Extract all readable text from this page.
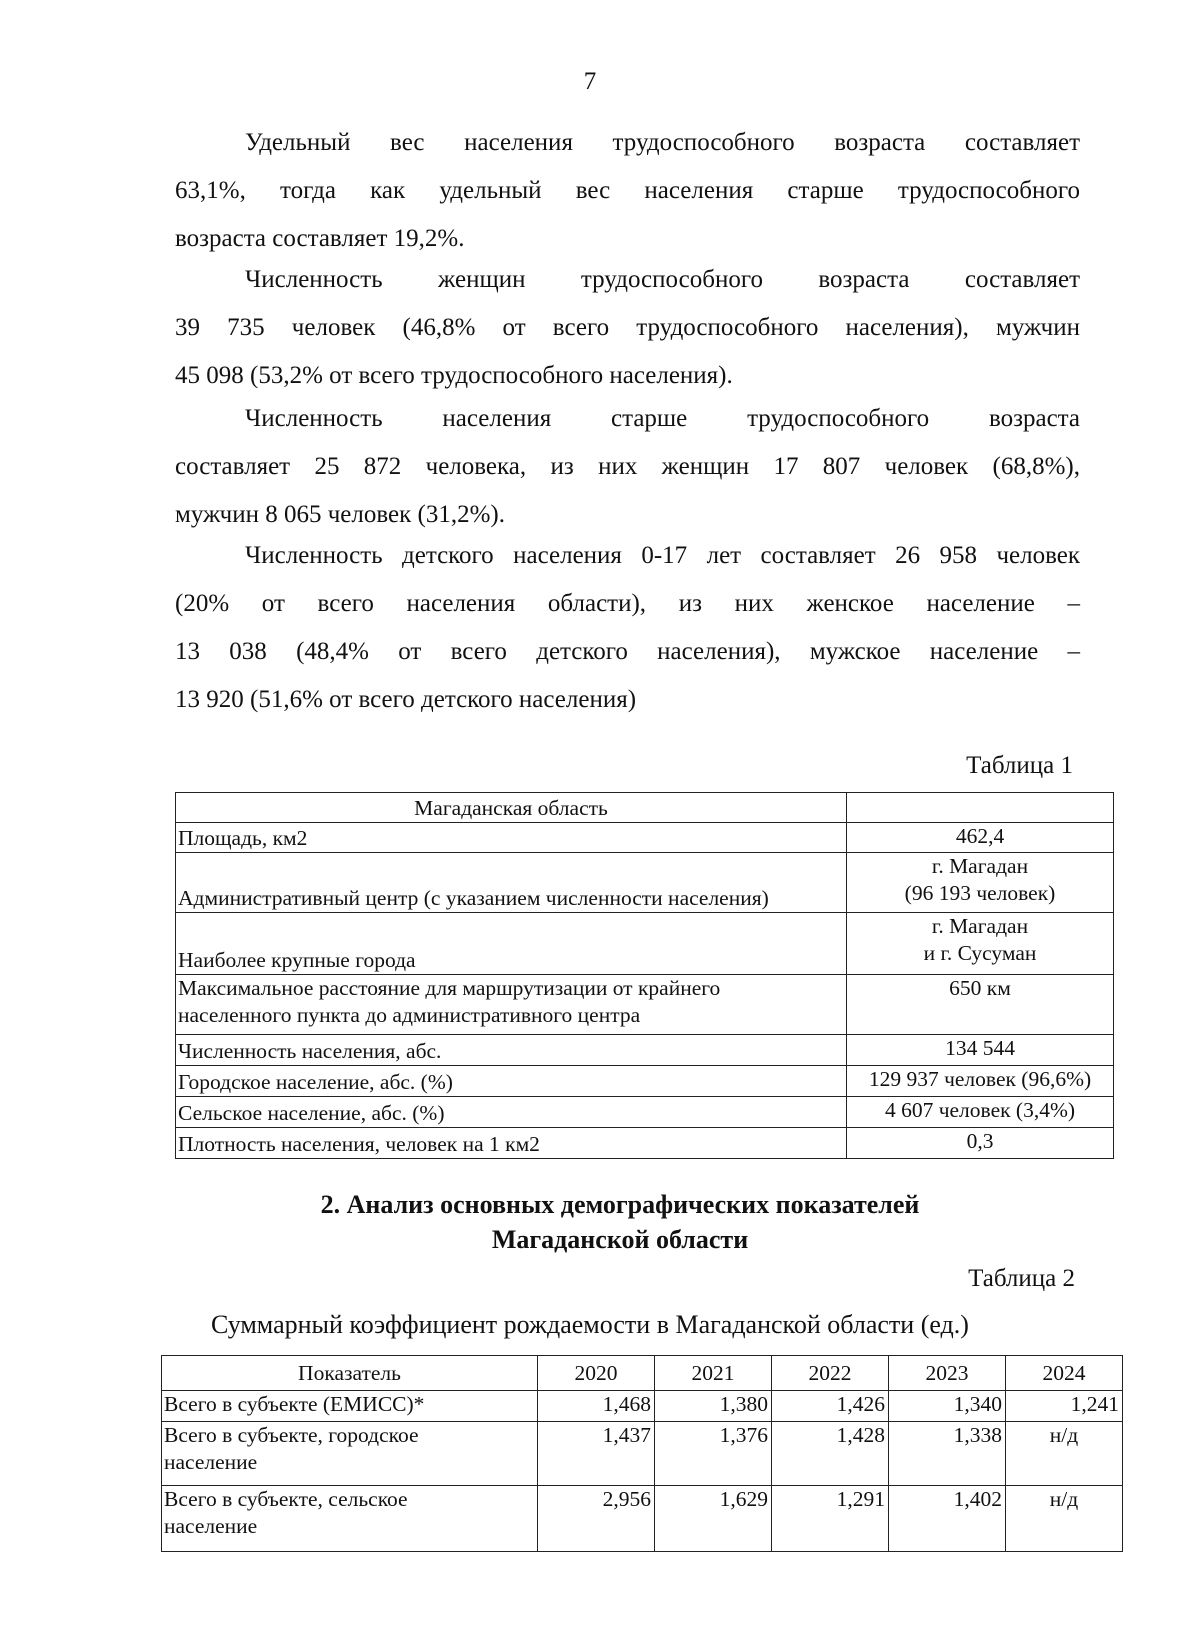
7

Удельный вес населения трудоспособного возраста составляет
63,1%, тогда как удельный вес населения старше трудоспособного
возраста составляет 19,2%.

Численность женщин трудоспособного возраста составляет
39 735 человек (46,8% от всего трудоспособного населения), мужчин
45 098 (53,2% от всего трудоспособного населения).

Численность населения старше трудоспособного возраста
составляет 25 872 человека, из них женщин 17 807 человек (68,8%),
мужчин 8 065 человек (31,2%).

Численность детского населения 0-17 лет составляет 26 958 человек
(20% от всего населения области), из них женское население –
13 038 (48,4% от всего детского населения), мужское население –
13 920 (51,6% от всего детского населения)

Таблица 1
Магаданская область	
Площадь, км2	462,4
Административный центр (с указанием численности населения)	г. Магадан
(96 193 человек)

Наиболее крупные города	г. Магадан
и г. Сусуман

Максимальное расстояние для маршрутизации от крайнего
населенного пункта до административного центра	650 км
Численность населения, абс.	134 544
Городское население, абс. (%)	129 937 человек (96,6%)
Сельское население, абс. (%)	4 607 человек (3,4%)
Плотность населения, человек на 1 км2	0,3
2. Анализ основных демографических показателей
Магаданской области
Таблица 2
Суммарный коэффициент рождаемости в Магаданской области (ед.)
Показатель	2020	2021	2022	2023	2024
Всего в субъекте (ЕМИСС)*	1,468	1,380	1,426	1,340	1,241

Всего в субъекте, городское
население	1,437	1,376	1,428	1,338	н/д

Всего в субъекте, сельское
население	2,956	1,629	1,291	1,402	н/д
